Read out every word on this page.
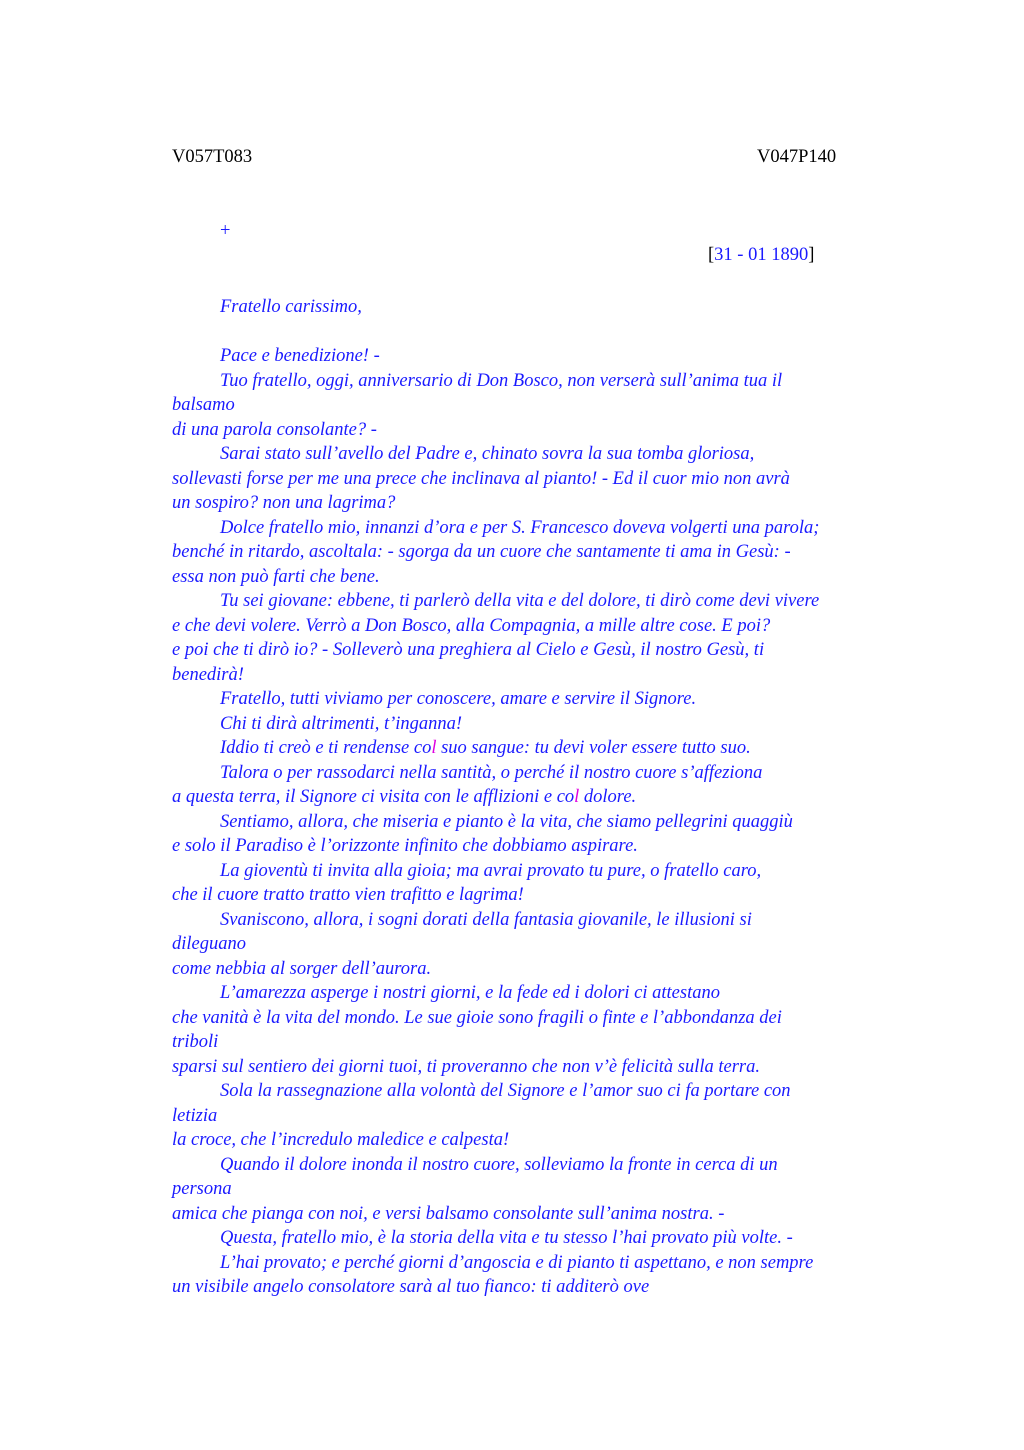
V057T083	V047P140
+
[31 - 01 1890]
Fratello carissimo,
Pace e benedizione! -
Tuo fratello, oggi, anniversario di Don Bosco, non verserà sull’anima tua il
balsamo
di una parola consolante? -
Sarai stato sull’avello del Padre e, chinato sovra la sua tomba gloriosa,
sollevasti forse per me una prece che inclinava al pianto! - Ed il cuor mio non avrà
un sospiro? non una lagrima?
Dolce fratello mio, innanzi d’ora e per S. Francesco doveva volgerti una parola;
benché in ritardo, ascoltala: - sgorga da un cuore che santamente ti ama in Gesù: -
essa non può farti che bene.
Tu sei giovane: ebbene, ti parlerò della vita e del dolore, ti dirò come devi vivere
e che devi volere. Verrò a Don Bosco, alla Compagnia, a mille altre cose. E poi?
e poi che ti dirò io? - Solleverò una preghiera al Cielo e Gesù, il nostro Gesù, ti
benedirà!
Fratello, tutti viviamo per conoscere, amare e servire il Signore.
Chi ti dirà altrimenti, t’inganna!
Iddio ti creò e ti rendense col suo sangue: tu devi voler essere tutto suo.
Talora o per rassodarci nella santità, o perché il nostro cuore s’affeziona
a questa terra, il Signore ci visita con le afflizioni e col dolore.
Sentiamo, allora, che miseria e pianto è la vita, che siamo pellegrini quaggiù
e solo il Paradiso è l’orizzonte infinito che dobbiamo aspirare.
La gioventù ti invita alla gioia; ma avrai provato tu pure, o fratello caro,
che il cuore tratto tratto vien trafitto e lagrima!
Svaniscono, allora, i sogni dorati della fantasia giovanile, le illusioni si
dileguano
come nebbia al sorger dell’aurora.
L’amarezza asperge i nostri giorni, e la fede ed i dolori ci attestano
che vanità è la vita del mondo. Le sue gioie sono fragili o finte e l’abbondanza dei
triboli
sparsi sul sentiero dei giorni tuoi, ti proveranno che non v’è felicità sulla terra.
Sola la rassegnazione alla volontà del Signore e l’amor suo ci fa portare con
letizia
la croce, che l’incredulo maledice e calpesta!
Quando il dolore inonda il nostro cuore, solleviamo la fronte in cerca di un
persona
amica che pianga con noi, e versi balsamo consolante sull’anima nostra. -
Questa, fratello mio, è la storia della vita e tu stesso l’hai provato più volte. -
L’hai provato; e perché giorni d’angoscia e di pianto ti aspettano, e non sempre
un visibile angelo consolatore sarà al tuo fianco: ti additerò ove
